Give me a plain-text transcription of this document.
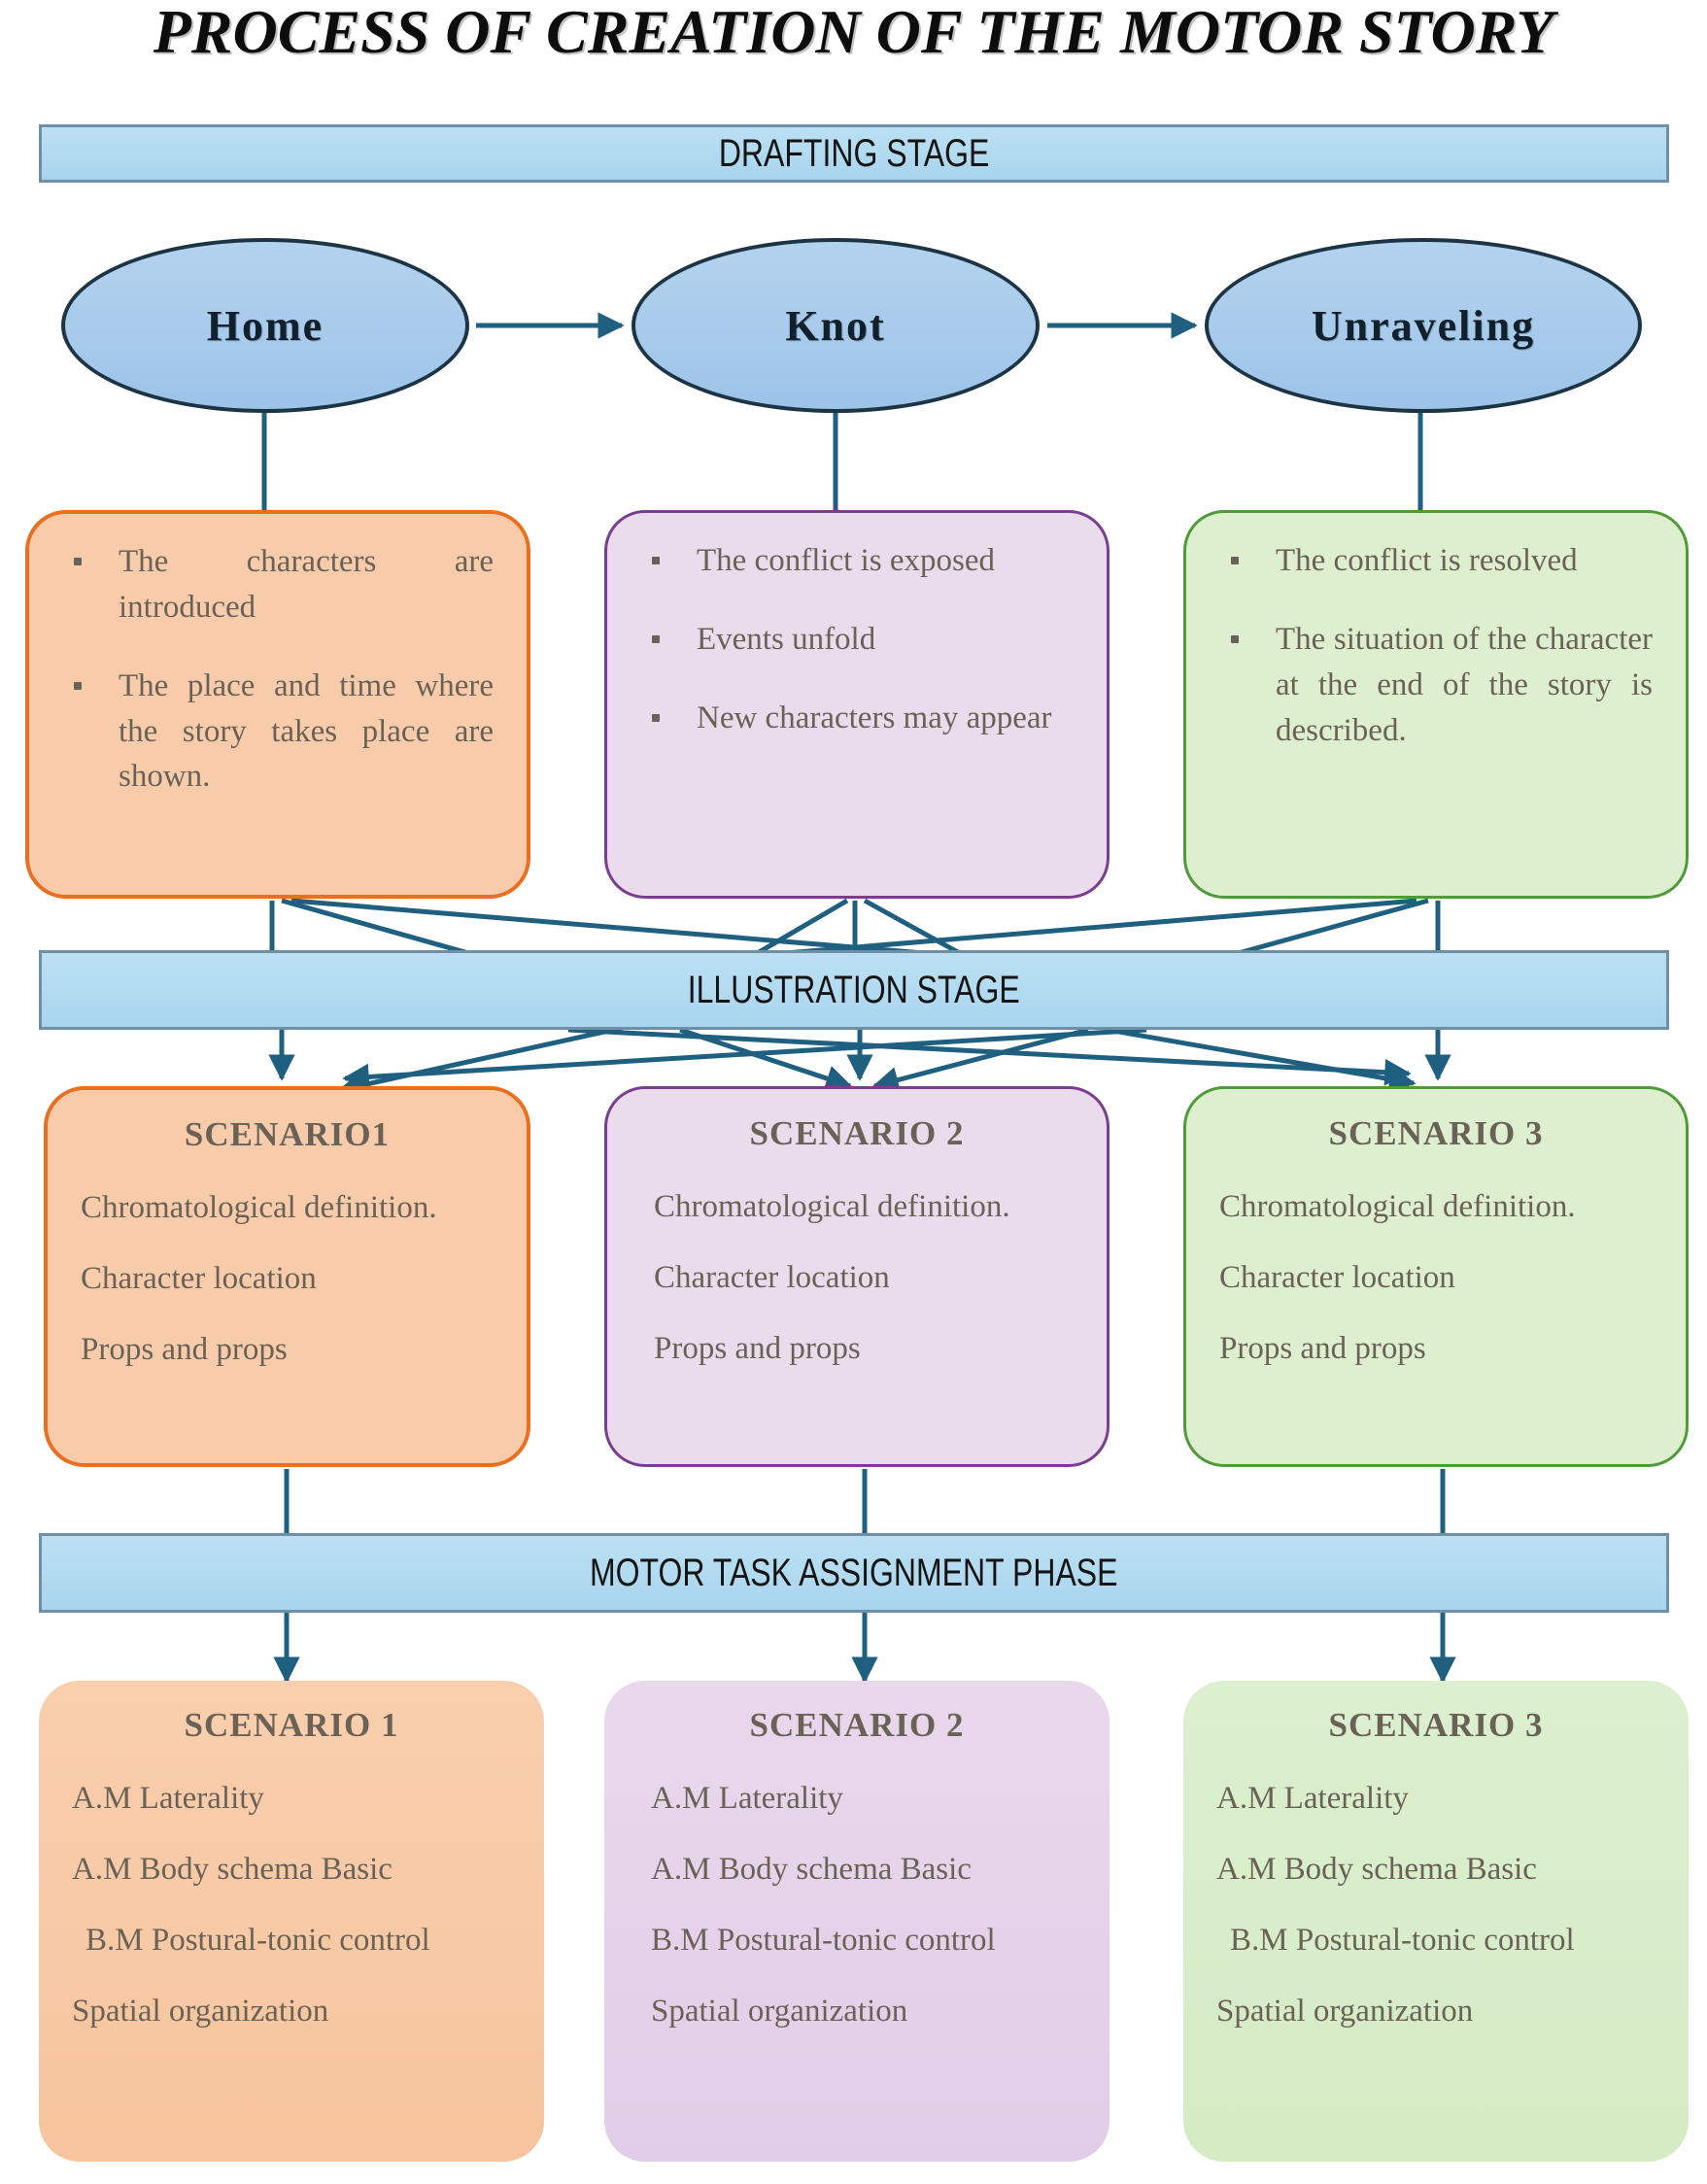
PROCESS OF CREATION OF THE MOTOR STORY
DRAFTING STAGE
ILLUSTRATION STAGE
MOTOR TASK ASSIGNMENT PHASE
Home	Knot	Unraveling
The characters are introduced
The place and time where the story takes place are shown.
The conflict is exposed
Events unfold
New characters may appear
The conflict is resolved
The situation of the character at the end of the story is described.
SCENARIO1
Chromatological definition.
Character location
Props and props
SCENARIO 2
Chromatological definition.
Character location
Props and props
SCENARIO 3
Chromatological definition.
Character location
Props and props
SCENARIO 1
A.M Laterality
A.M Body schema Basic
B.M Postural-tonic control
Spatial organization
SCENARIO 2
A.M Laterality
A.M Body schema Basic
B.M Postural-tonic control
Spatial organization
SCENARIO 3
A.M Laterality
A.M Body schema Basic
B.M Postural-tonic control
Spatial organization
